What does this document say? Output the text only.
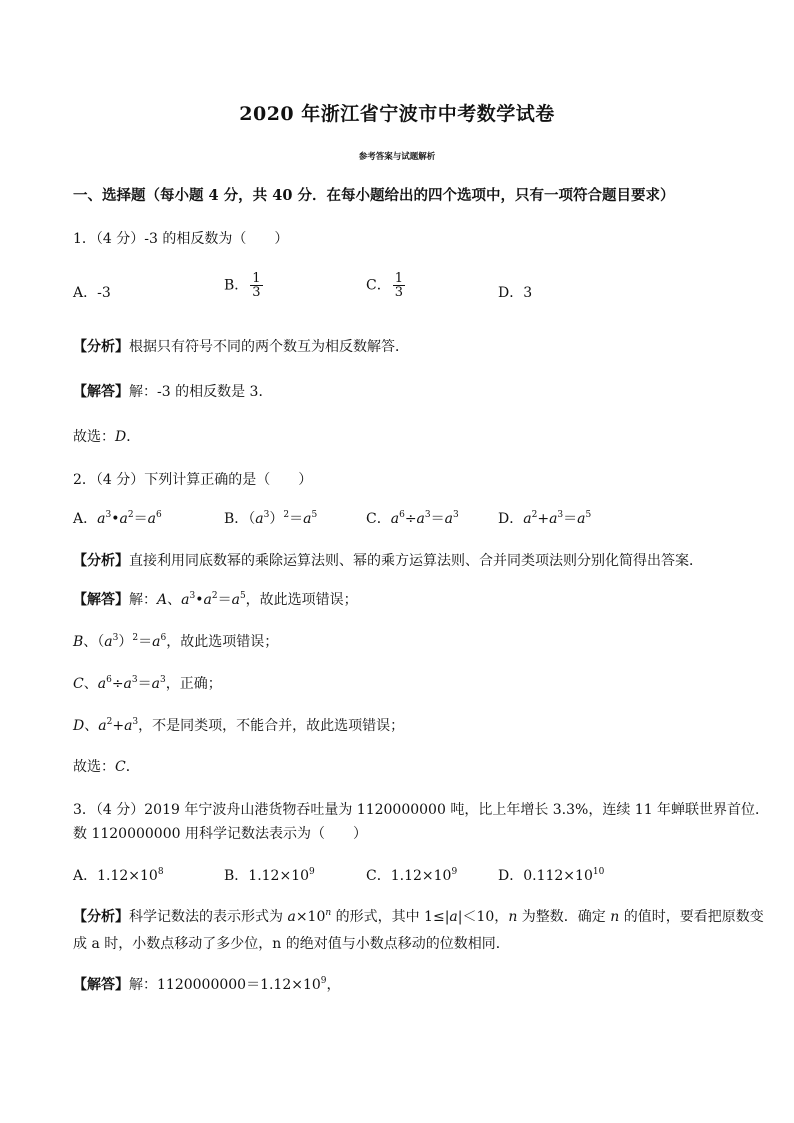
2020 年浙江省宁波市中考数学试卷
参考答案与试题解析
一、选择题（每小题 4 分，共 40 分．在每小题给出的四个选项中，只有一项符合题目要求）
1．（4 分）-3 的相反数为（　　）
A．-3	B． $\frac{1}{3}$	C． $\frac{1}{3}$	D．3
【分析】根据只有符号不同的两个数互为相反数解答．
【解答】解：-3 的相反数是 3．
故选：D．
2．（4 分）下列计算正确的是（　　）
A．$a^3•a^2=a^6$	B．$(a^3)^2=a^5$	C．$a^6\div a^3=a^3$	D．$a^2+a^3=a^5$
【分析】直接利用同底数幂的乘除运算法则、幂的乘方运算法则、合并同类项法则分别化简得出答案．
【解答】解：A、$a^3•a^2=a^5$，故此选项错误；
B、$(a^3)^2=a^6$，故此选项错误；
C、$a^6\div a^3=a^3$，正确；
D、$a^2+a^3$，不是同类项，不能合并，故此选项错误；
故选：C．
3．（4 分）2019 年宁波舟山港货物吞吐量为 1120000000 吨，比上年增长 3.3%，连续 11 年蝉联世界首位．
数 1120000000 用科学记数法表示为（　　）
A．$1.12\times 10^8$	B．$1.12\times 10^9$	C．$1.12\times 10^9$	D．$0.112\times 10^{10}$
【分析】科学记数法的表示形式为 $a\times 10^n$ 的形式，其中 1≤|a|＜10，n 为整数．确定 n 的值时，要看把原数变
成 a 时，小数点移动了多少位，n 的绝对值与小数点移动的位数相同．
【解答】解：$1120000000=1.12\times 10^9$，
